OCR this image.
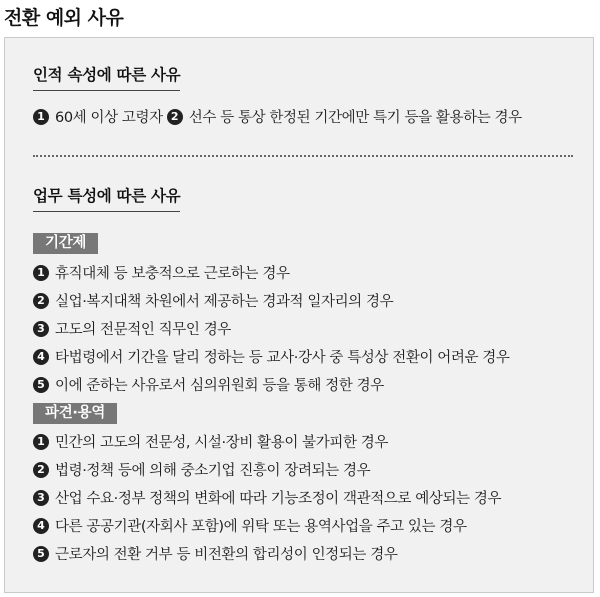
전환 예외 사유
인적 속성에 따른 사유
1 60세 이상 고령자 2 선수 등 통상 한정된 기간에만 특기 등을 활용하는 경우
업무 특성에 따른 사유
기간제
1 휴직대체 등 보충적으로 근로하는 경우
2 실업·복지대책 차원에서 제공하는 경과적 일자리의 경우
3 고도의 전문적인 직무인 경우
4 타법령에서 기간을 달리 정하는 등 교사·강사 중 특성상 전환이 어려운 경우
5 이에 준하는 사유로서 심의위원회 등을 통해 정한 경우
파견·용역
1 민간의 고도의 전문성, 시설·장비 활용이 불가피한 경우
2 법령·정책 등에 의해 중소기업 진흥이 장려되는 경우
3 산업 수요·정부 정책의 변화에 따라 기능조정이 객관적으로 예상되는 경우
4 다른 공공기관(자회사 포함)에 위탁 또는 용역사업을 주고 있는 경우
5 근로자의 전환 거부 등 비전환의 합리성이 인정되는 경우
